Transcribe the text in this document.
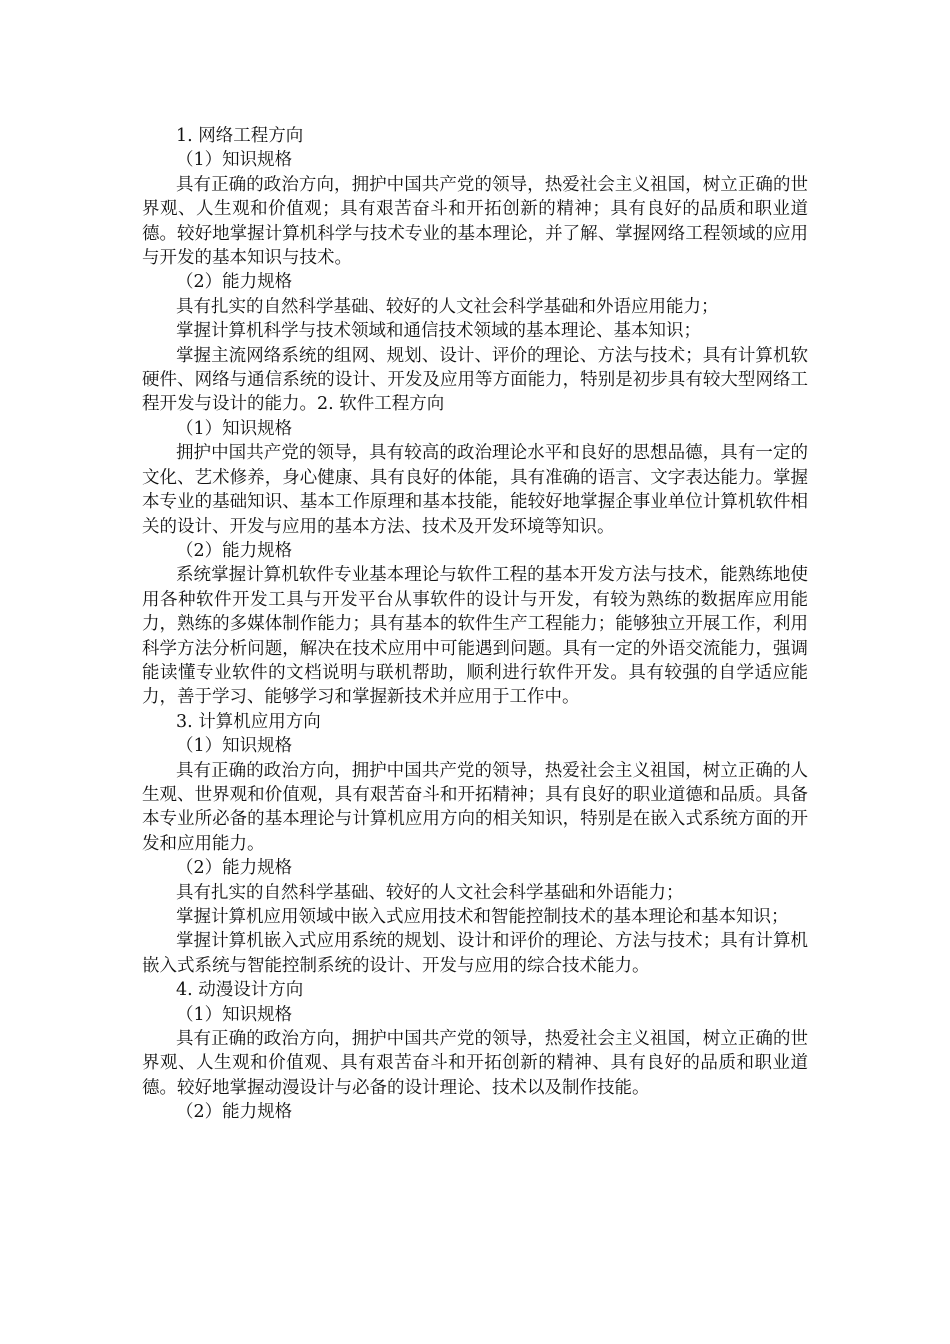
1. 网络工程方向

（1）知识规格

具有正确的政治方向，拥护中国共产党的领导，热爱社会主义祖国，树立正确的世界观、人生观和价值观；具有艰苦奋斗和开拓创新的精神；具有良好的品质和职业道德。较好地掌握计算机科学与技术专业的基本理论，并了解、掌握网络工程领域的应用与开发的基本知识与技术。

（2）能力规格

具有扎实的自然科学基础、较好的人文社会科学基础和外语应用能力；

掌握计算机科学与技术领域和通信技术领域的基本理论、基本知识；

掌握主流网络系统的组网、规划、设计、评价的理论、方法与技术；具有计算机软硬件、网络与通信系统的设计、开发及应用等方面能力，特别是初步具有较大型网络工程开发与设计的能力。2. 软件工程方向

（1）知识规格

拥护中国共产党的领导，具有较高的政治理论水平和良好的思想品德，具有一定的文化、艺术修养，身心健康、具有良好的体能，具有准确的语言、文字表达能力。掌握本专业的基础知识、基本工作原理和基本技能，能较好地掌握企事业单位计算机软件相关的设计、开发与应用的基本方法、技术及开发环境等知识。

（2）能力规格

系统掌握计算机软件专业基本理论与软件工程的基本开发方法与技术，能熟练地使用各种软件开发工具与开发平台从事软件的设计与开发，有较为熟练的数据库应用能力，熟练的多媒体制作能力；具有基本的软件生产工程能力；能够独立开展工作，利用科学方法分析问题，解决在技术应用中可能遇到问题。具有一定的外语交流能力，强调能读懂专业软件的文档说明与联机帮助，顺利进行软件开发。具有较强的自学适应能力，善于学习、能够学习和掌握新技术并应用于工作中。

3. 计算机应用方向

（1）知识规格

具有正确的政治方向，拥护中国共产党的领导，热爱社会主义祖国，树立正确的人生观、世界观和价值观，具有艰苦奋斗和开拓精神；具有良好的职业道德和品质。具备本专业所必备的基本理论与计算机应用方向的相关知识，特别是在嵌入式系统方面的开发和应用能力。

（2）能力规格

具有扎实的自然科学基础、较好的人文社会科学基础和外语能力；

掌握计算机应用领域中嵌入式应用技术和智能控制技术的基本理论和基本知识；

掌握计算机嵌入式应用系统的规划、设计和评价的理论、方法与技术；具有计算机嵌入式系统与智能控制系统的设计、开发与应用的综合技术能力。

4. 动漫设计方向

（1）知识规格

具有正确的政治方向，拥护中国共产党的领导，热爱社会主义祖国，树立正确的世界观、人生观和价值观、具有艰苦奋斗和开拓创新的精神、具有良好的品质和职业道德。较好地掌握动漫设计与必备的设计理论、技术以及制作技能。

（2）能力规格
